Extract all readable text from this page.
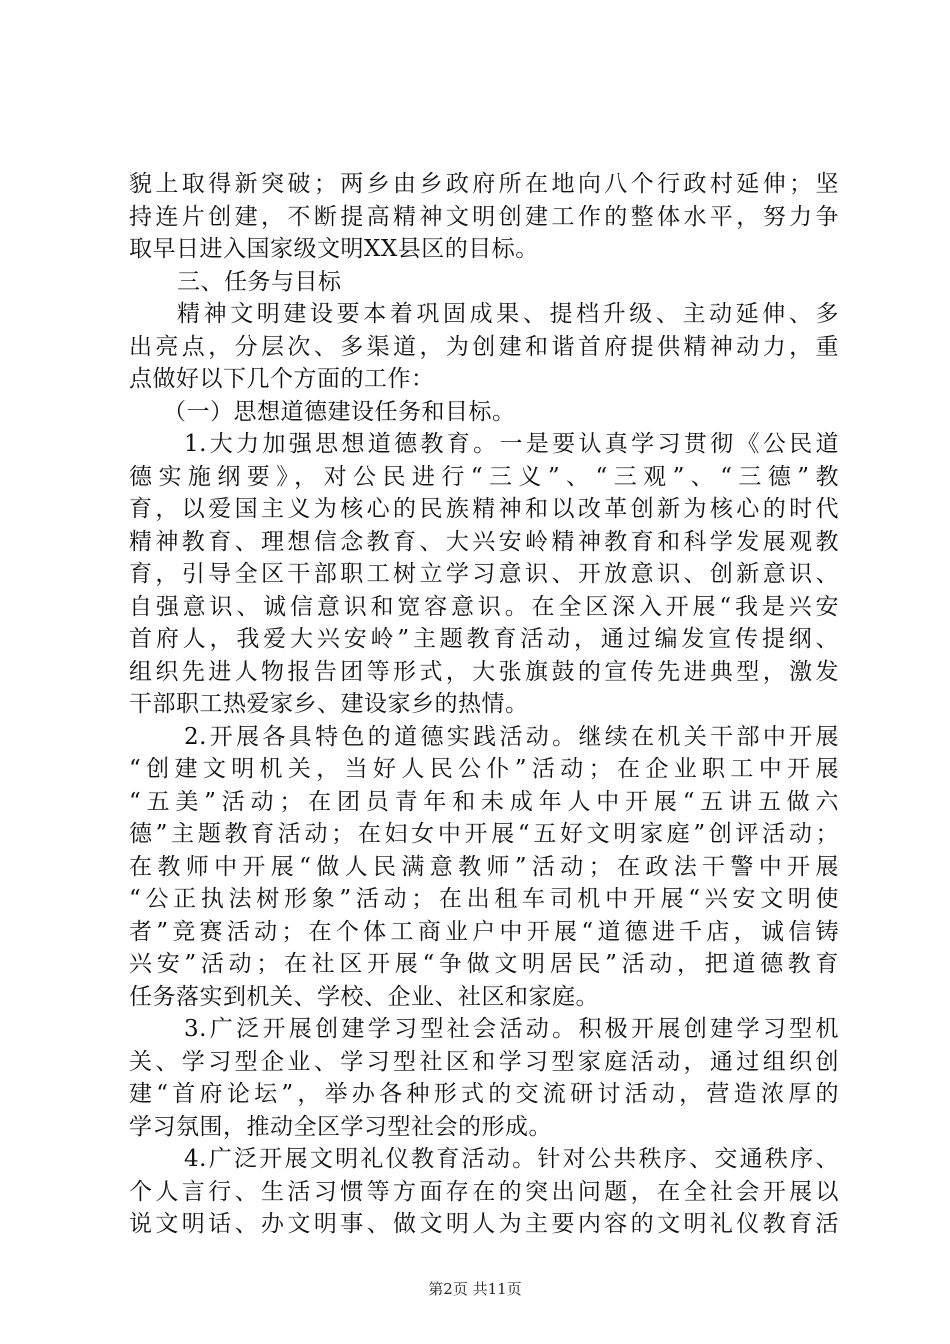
貌上取得新突破；两乡由乡政府所在地向八个行政村延伸；坚
持连片创建，不断提高精神文明创建工作的整体水平，努力争
取早日进入国家级文明XX县区的目标。
三、任务与目标
精神文明建设要本着巩固成果、提档升级、主动延伸、多
出亮点，分层次、多渠道，为创建和谐首府提供精神动力，重
点做好以下几个方面的工作：
（一）思想道德建设任务和目标。
1.大力加强思想道德教育。一是要认真学习贯彻《公民道
德实施纲要》，对公民进行“三义”、“三观”、“三德”教
育，以爱国主义为核心的民族精神和以改革创新为核心的时代
精神教育、理想信念教育、大兴安岭精神教育和科学发展观教
育，引导全区干部职工树立学习意识、开放意识、创新意识、
自强意识、诚信意识和宽容意识。在全区深入开展“我是兴安
首府人，我爱大兴安岭”主题教育活动，通过编发宣传提纲、
组织先进人物报告团等形式，大张旗鼓的宣传先进典型，激发
干部职工热爱家乡、建设家乡的热情。
2.开展各具特色的道德实践活动。继续在机关干部中开展
“创建文明机关，当好人民公仆”活动；在企业职工中开展
“五美”活动；在团员青年和未成年人中开展“五讲五做六
德”主题教育活动；在妇女中开展“五好文明家庭”创评活动；
在教师中开展“做人民满意教师”活动；在政法干警中开展
“公正执法树形象”活动；在出租车司机中开展“兴安文明使
者”竞赛活动；在个体工商业户中开展“道德进千店，诚信铸
兴安”活动；在社区开展“争做文明居民”活动，把道德教育
任务落实到机关、学校、企业、社区和家庭。
3.广泛开展创建学习型社会活动。积极开展创建学习型机
关、学习型企业、学习型社区和学习型家庭活动，通过组织创
建“首府论坛”，举办各种形式的交流研讨活动，营造浓厚的
学习氛围，推动全区学习型社会的形成。
4.广泛开展文明礼仪教育活动。针对公共秩序、交通秩序、
个人言行、生活习惯等方面存在的突出问题，在全社会开展以
说文明话、办文明事、做文明人为主要内容的文明礼仪教育活
第2页 共11页
